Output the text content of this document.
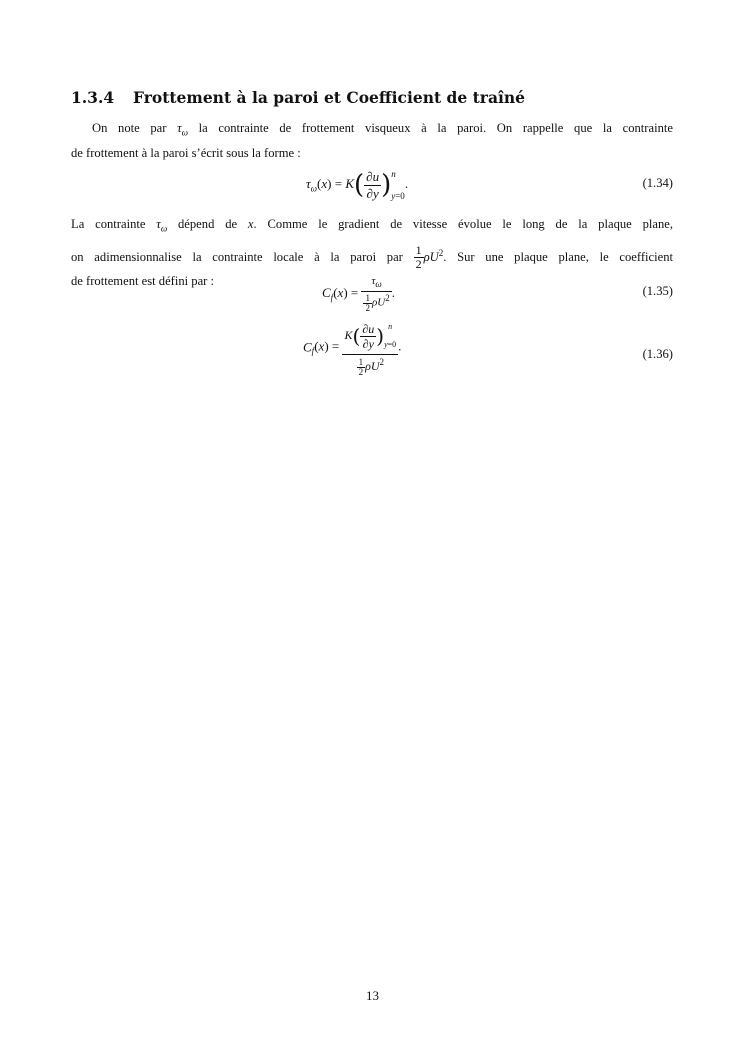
1.3.4 Frottement à la paroi et Coefficient de traîné
On note par $\tau_\omega$ la contrainte de frottement visqueux à la paroi. On rappelle que la contrainte
de frottement à la paroi s’écrit sous la forme :
$\tau_\omega(x) = K( \frac{\partial u}{\partial y}$ ) n
y=0
.	(1.34)
La contrainte $\tau_\omega$ dépend de x. Comme le gradient de vitesse évolue le long de la plaque plane,
on adimensionnalise la contrainte locale à la paroi par $\frac{1}{2} \rho U^2$. Sur une plaque plane, le coefficient
de frottement est défini par :
$C_f(x) = \frac{\tau_\omega}{\frac{1}{2} \rho U^2}$ .	(1.35)
$C_f(x) = K( \frac{\partial u}{\partial y}$ ) n
y=0
$\frac{1}{2} \rho U^2$ .
(1.36)
13
